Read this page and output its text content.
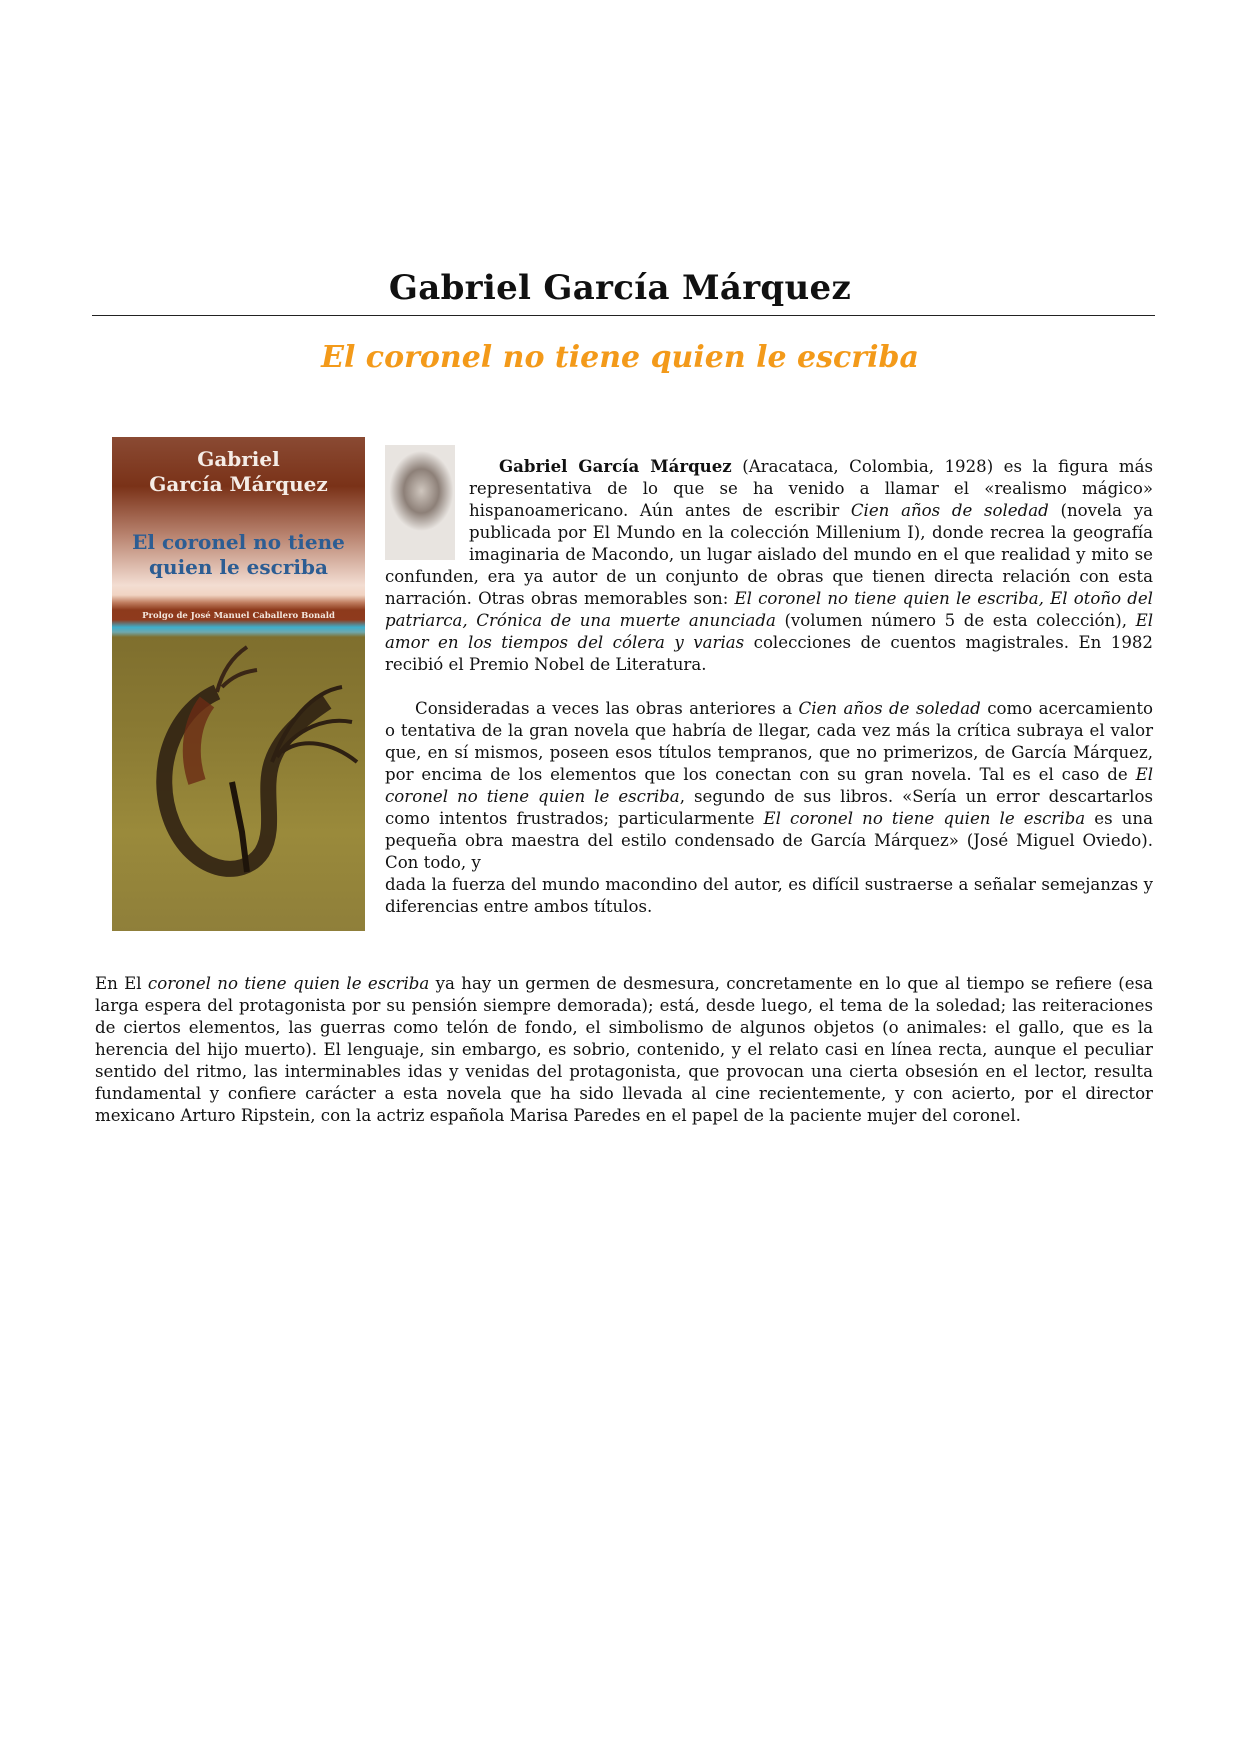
Gabriel García Márquez
El coronel no tiene quien le escriba
Gabriel
García Márquez
El coronel no tiene
quien le escriba
Prolgo de José Manuel Caballero Bonald

Gabriel García Márquez (Aracataca, Colombia, 1928) es la figura más representativa de lo que se ha venido a llamar el «realismo mágico» hispanoamericano. Aún antes de escribir Cien años de soledad (novela ya publicada por El Mundo en la colección Millenium I), donde recrea la geografía imaginaria de Macondo, un lugar aislado del mundo en el que realidad y mito se confunden, era ya autor de un conjunto de obras que tienen directa relación con esta narración. Otras obras memorables son: El coronel no tiene quien le escriba, El otoño del patriarca, Crónica de una muerte anunciada (volumen número 5 de esta colección), El amor en los tiempos del cólera y varias colecciones de cuentos magistrales. En 1982 recibió el Premio Nobel de Literatura.

Consideradas a veces las obras anteriores a Cien años de soledad como acercamiento o tentativa de la gran novela que habría de llegar, cada vez más la crítica subraya el valor que, en sí mismos, poseen esos títulos tempranos, que no primerizos, de García Márquez, por encima de los elementos que los conectan con su gran novela. Tal es el caso de El coronel no tiene quien le escriba, segundo de sus libros. «Sería un error descartarlos como intentos frustrados; particularmente El coronel no tiene quien le escriba es una pequeña obra maestra del estilo condensado de García Márquez» (José Miguel Oviedo). Con todo, y
dada la fuerza del mundo macondino del autor, es difícil sustraerse a señalar semejanzas y diferencias entre ambos títulos.

En El coronel no tiene quien le escriba ya hay un germen de desmesura, concretamente en lo que al tiempo se refiere (esa larga espera del protagonista por su pensión siempre demorada); está, desde luego, el tema de la soledad; las reiteraciones de ciertos elementos, las guerras como telón de fondo, el simbolismo de algunos objetos (o animales: el gallo, que es la herencia del hijo muerto). El lenguaje, sin embargo, es sobrio, contenido, y el relato casi en línea recta, aunque el peculiar sentido del ritmo, las interminables idas y venidas del protagonista, que provocan una cierta obsesión en el lector, resulta fundamental y confiere carácter a esta novela que ha sido llevada al cine recientemente, y con acierto, por el director mexicano Arturo Ripstein, con la actriz española Marisa Paredes en el papel de la paciente mujer del coronel.
